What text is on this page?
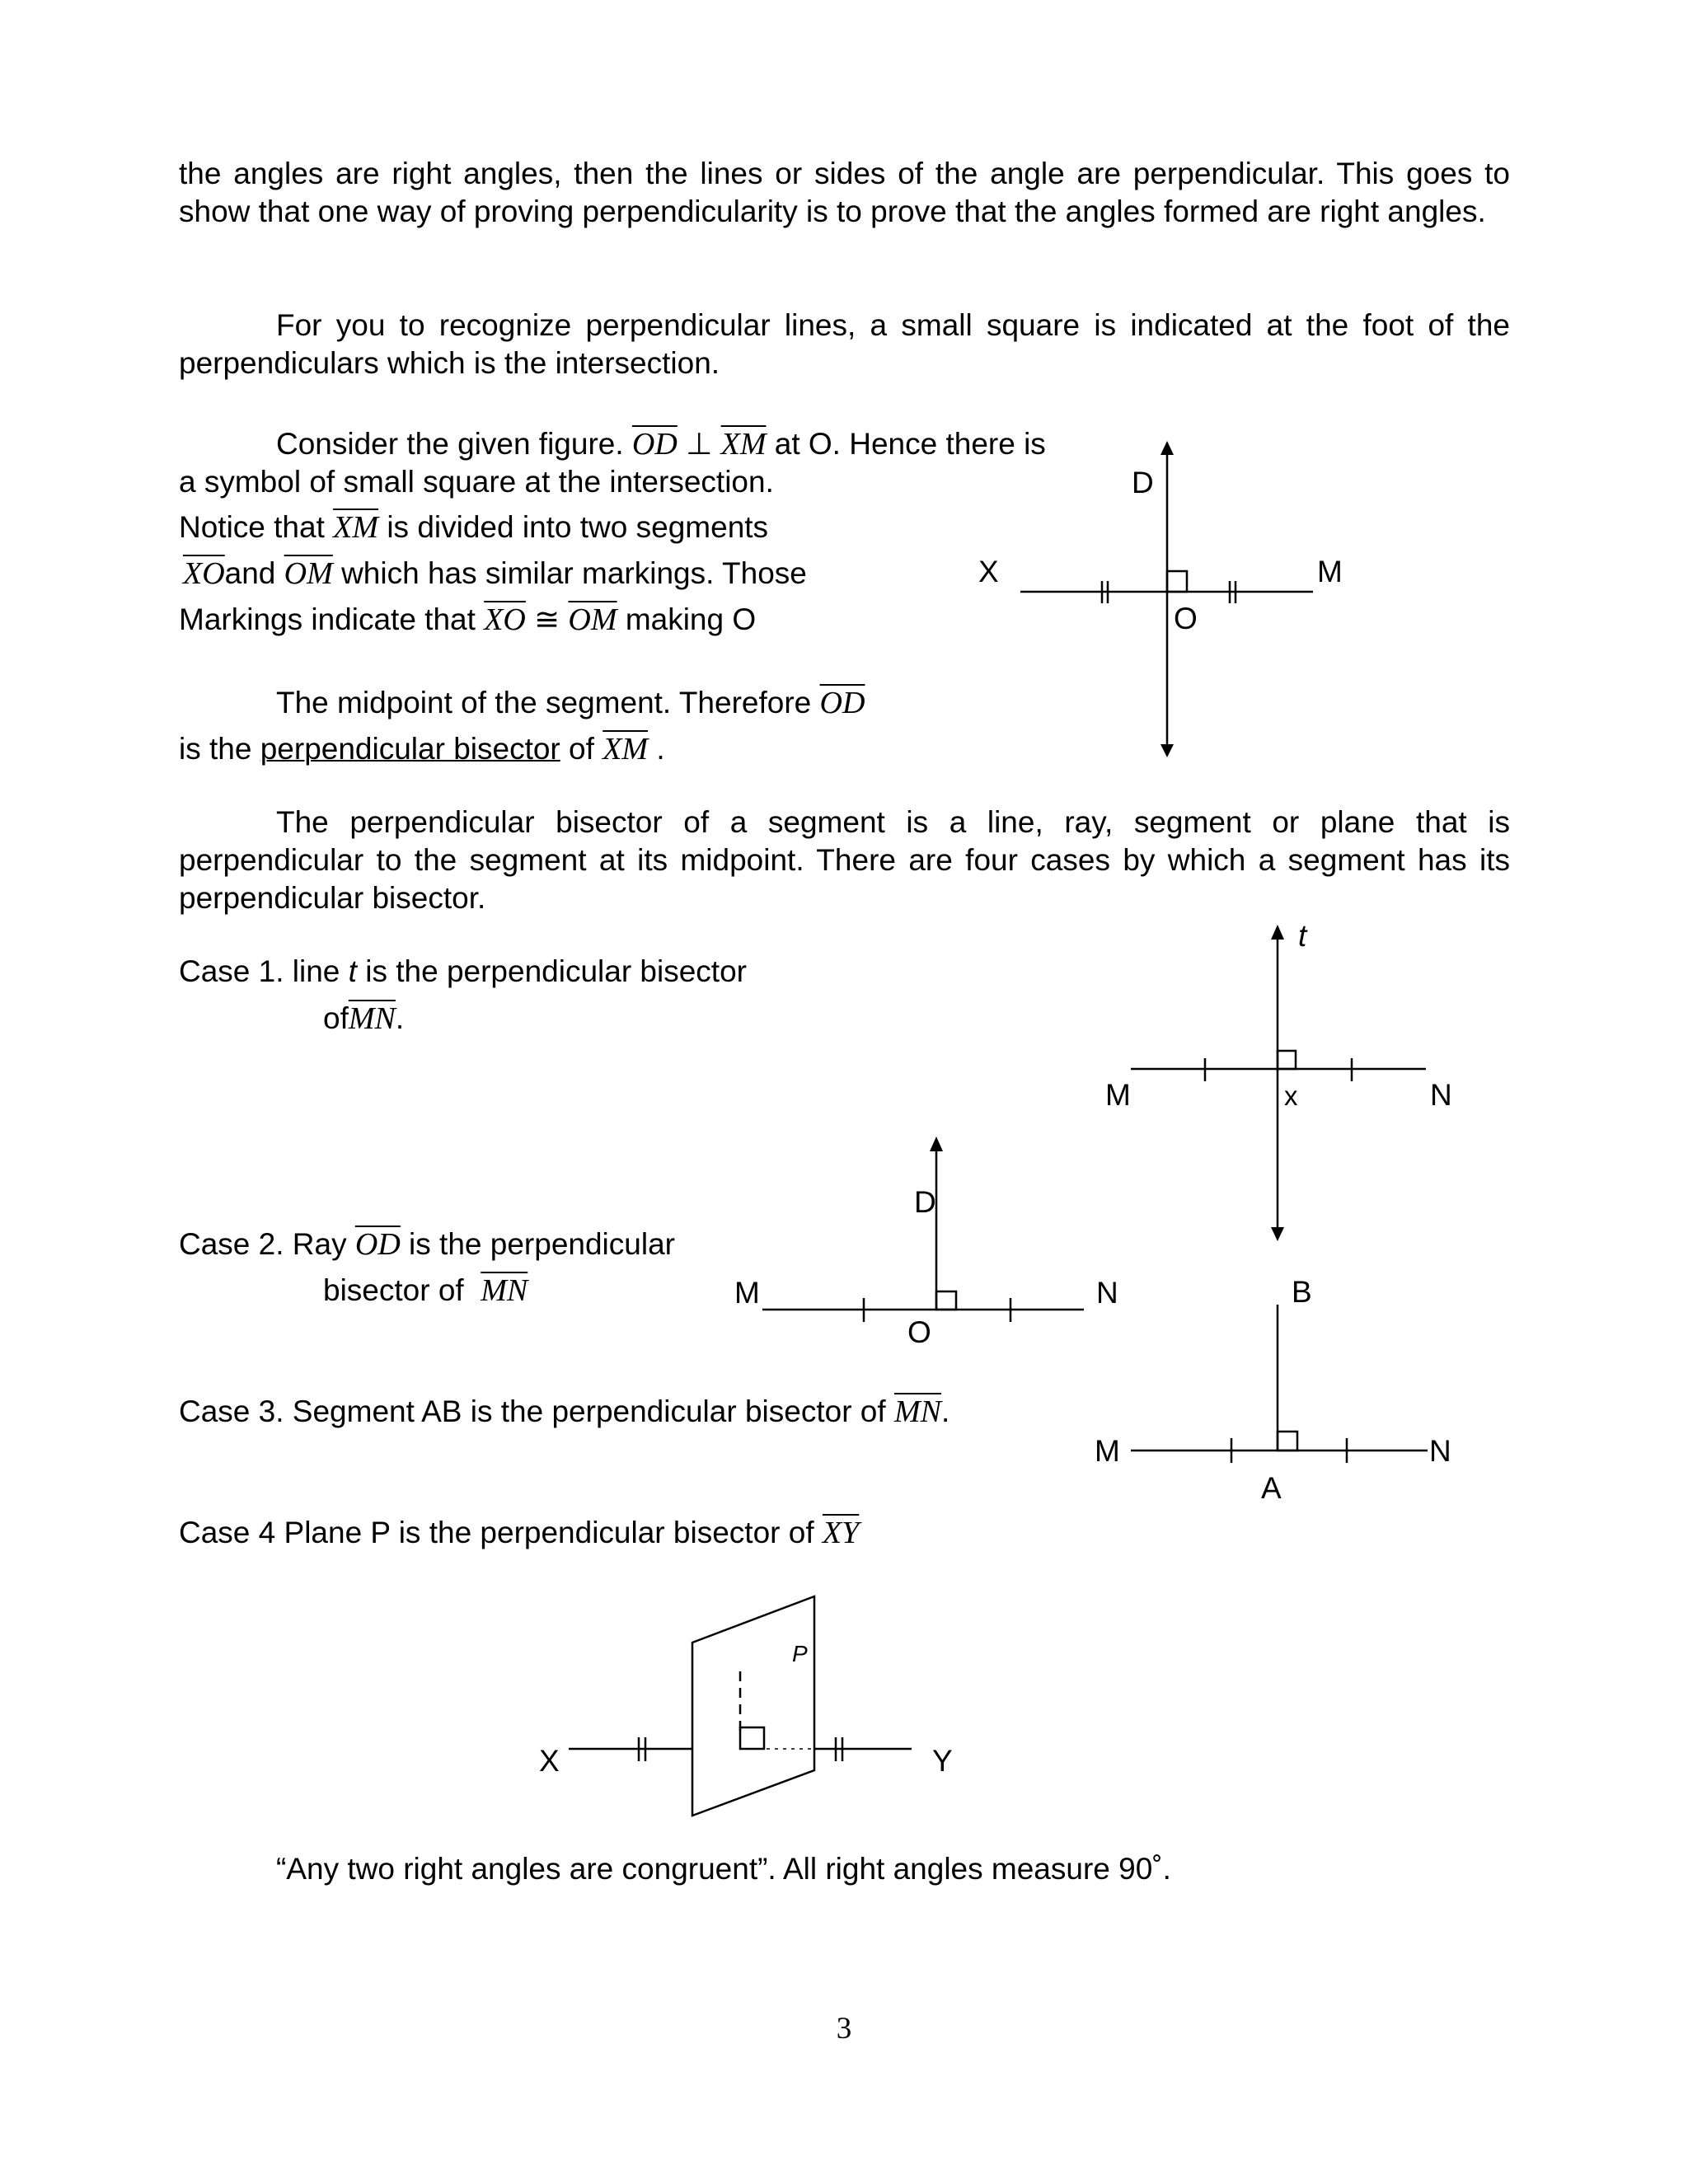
the angles are right angles, then the lines or sides of the angle are perpendicular. This goes to show that one way of proving perpendicularity is to prove that the angles formed are right angles.

For you to recognize perpendicular lines, a small square is indicated at the foot of the perpendiculars which is the intersection.

Consider the given figure. $\overline{OD}$ ⊥ $\overline{XM}$ at O. Hence there is
a symbol of small square at the intersection.
Notice that $\overline{XM}$ is divided into two segments
$\overline{XO}and$ $\overline{OM}$ which has similar markings. Those
Markings indicate that $\overline{XO}$ ≅ $\overline{OM}$ making O
The midpoint of the segment. Therefore $\overline{OD}$
is the perpendicular bisector of $\overline{XM}$ .
D
X	M
O

The perpendicular bisector of a segment is a line, ray, segment or plane that is perpendicular to the segment at its midpoint. There are four cases by which a segment has its perpendicular bisector.

Case 1. line t is the perpendicular bisector
$of\overline{MN}$.
t
M	x	N
Case 2. Ray $\overline{OD}$ is the perpendicular
bisector of $\overline{MN}$
D
M	N
O
Case 3. Segment AB is the perpendicular bisector of $\overline{MN}$.
B
M	N
A
Case 4 Plane P is the perpendicular bisector of $\overline{XY}$
P
X	Y
“Any two right angles are congruent”. All right angles measure 90˚.
3
